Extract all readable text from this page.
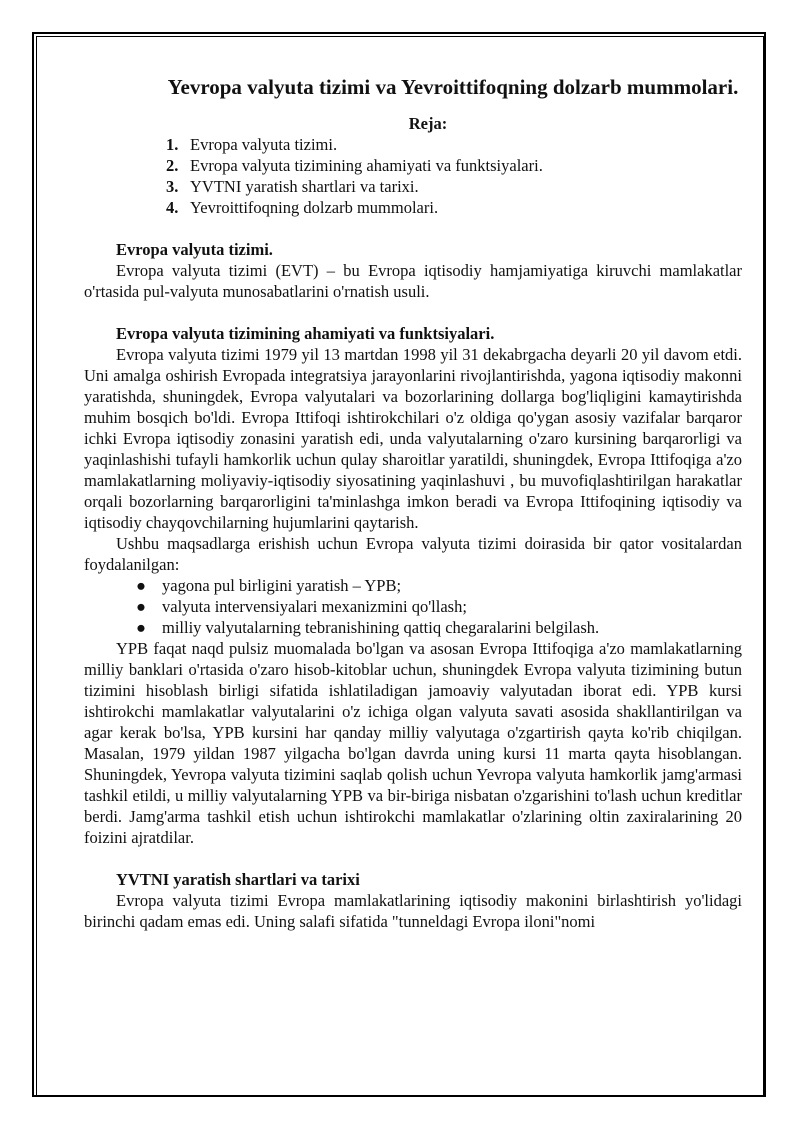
Yevropa valyuta tizimi va Yevroittifoqning dolzarb mummolari.
Reja:
1. Evropa valyuta tizimi.
2. Evropa valyuta tizimining ahamiyati va funktsiyalari.
3. YVTNI yaratish shartlari va tarixi.
4. Yevroittifoqning dolzarb mummolari.

Evropa valyuta tizimi.

Evropa valyuta tizimi (EVT) – bu Evropa iqtisodiy hamjamiyatiga kiruvchi mamlakatlar o'rtasida pul-valyuta munosabatlarini o'rnatish usuli.

Evropa valyuta tizimining ahamiyati va funktsiyalari.

Evropa valyuta tizimi 1979 yil 13 martdan 1998 yil 31 dekabrgacha deyarli 20 yil davom etdi. Uni amalga oshirish Evropada integratsiya jarayonlarini rivojlantirishda, yagona iqtisodiy makonni yaratishda, shuningdek, Evropa valyutalari va bozorlarining dollarga bog'liqligini kamaytirishda muhim bosqich bo'ldi. Evropa Ittifoqi ishtirokchilari o'z oldiga qo'ygan asosiy vazifalar barqaror ichki Evropa iqtisodiy zonasini yaratish edi, unda valyutalarning o'zaro kursining barqarorligi va yaqinlashishi tufayli hamkorlik uchun qulay sharoitlar yaratildi, shuningdek, Evropa Ittifoqiga a'zo mamlakatlarning moliyaviy-iqtisodiy siyosatining yaqinlashuvi , bu muvofiqlashtirilgan harakatlar orqali bozorlarning barqarorligini ta'minlashga imkon beradi va Evropa Ittifoqining iqtisodiy va iqtisodiy chayqovchilarning hujumlarini qaytarish.

Ushbu maqsadlarga erishish uchun Evropa valyuta tizimi doirasida bir qator vositalardan foydalanilgan:

● yagona pul birligini yaratish – YPB;
● valyuta intervensiyalari mexanizmini qo'llash;
● milliy valyutalarning tebranishining qattiq chegaralarini belgilash.

YPB faqat naqd pulsiz muomalada bo'lgan va asosan Evropa Ittifoqiga a'zo mamlakatlarning milliy banklari o'rtasida o'zaro hisob-kitoblar uchun, shuningdek Evropa valyuta tizimining butun tizimini hisoblash birligi sifatida ishlatiladigan jamoaviy valyutadan iborat edi. YPB kursi ishtirokchi mamlakatlar valyutalarini o'z ichiga olgan valyuta savati asosida shakllantirilgan va agar kerak bo'lsa, YPB kursini har qanday milliy valyutaga o'zgartirish qayta ko'rib chiqilgan. Masalan, 1979 yildan 1987 yilgacha bo'lgan davrda uning kursi 11 marta qayta hisoblangan. Shuningdek, Yevropa valyuta tizimini saqlab qolish uchun Yevropa valyuta hamkorlik jamg'armasi tashkil etildi, u milliy valyutalarning YPB va bir-biriga nisbatan o'zgarishini to'lash uchun kreditlar berdi. Jamg'arma tashkil etish uchun ishtirokchi mamlakatlar o'zlarining oltin zaxiralarining 20 foizini ajratdilar.

YVTNI yaratish shartlari va tarixi

Evropa valyuta tizimi Evropa mamlakatlarining iqtisodiy makonini birlashtirish yo'lidagi birinchi qadam emas edi. Uning salafi sifatida "tunneldagi Evropa iloni"nomi
